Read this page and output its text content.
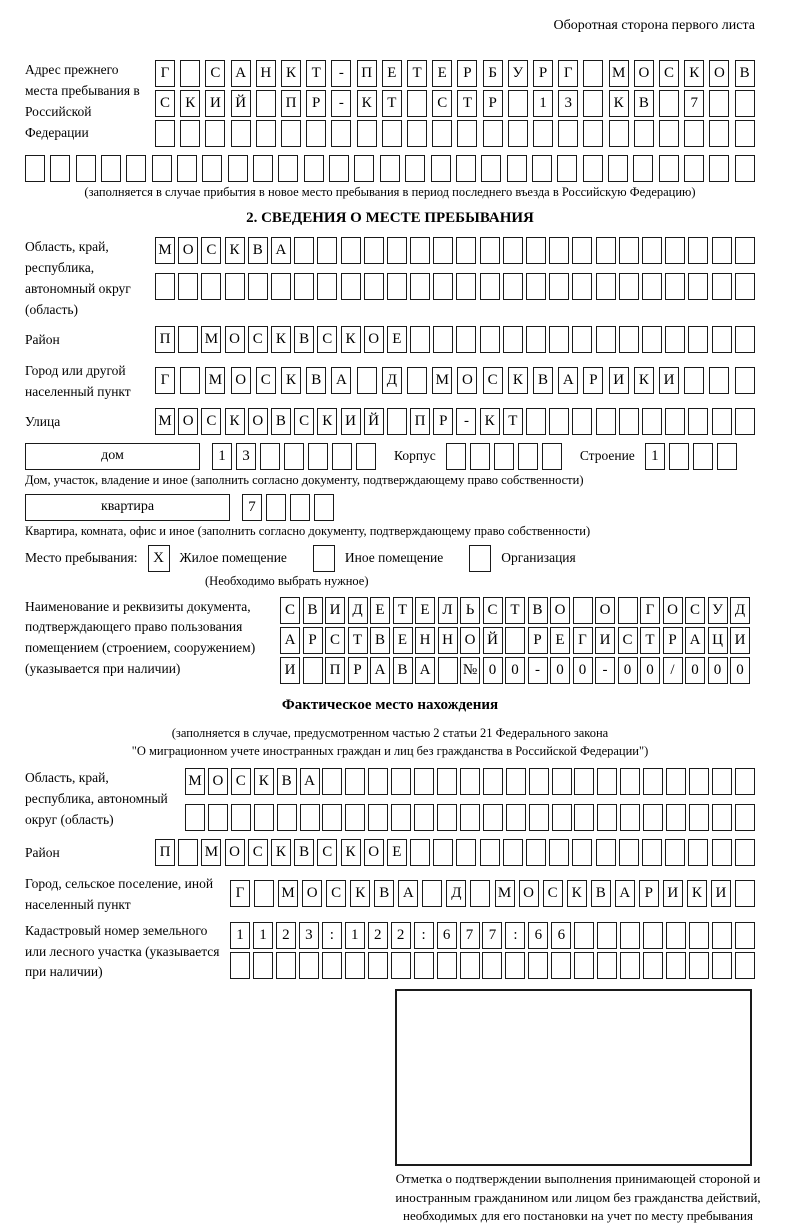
Оборотная сторона первого листа
Адрес прежнего места пребывания в Российской Федерации
Г	С А Н К	Т	-	П	Е	Т	Е	Р	Б	У	Р	Г	М О С	К О В
С	К И Й	П	Р	-	К	Т	С	Т	Р	1	3	К	В	7
(заполняется в случае прибытия в новое место пребывания в период последнего въезда в Российскую Федерацию)
2. СВЕДЕНИЯ О МЕСТЕ ПРЕБЫВАНИЯ
Область, край, республика, автономный округ (область)
М О С К В А
Район	П	М О С К В С К О Е
Город или другой населенный пункт
Г	М О С	К	В А	Д	М О С	К	В А	Р	И К И
Улица	М О С К О В С К И Й	П Р	-	К Т
дом	1	3	Корпус	Строение	1
Дом, участок, владение и иное (заполнить согласно документу, подтверждающему право собственности)
квартира	7
Квартира, комната, офис и иное (заполнить согласно документу, подтверждающему право собственности)
Место пребывания:	X	Жилое помещение	Иное помещение	Организация
(Необходимо выбрать нужное)
Наименование и реквизиты документа, подтверждающего право пользования помещением (строением, сооружением) (указывается при наличии)
С В И Д Е Т Е Л Ь С Т В О	О	Г О С У Д
А Р С Т В Е Н Н О Й	Р Е Г И С Т Р А Ц И
И	П Р А В А	№ 0	0	-	0	0	-	0	0	/	0	0	0
Фактическое место нахождения
(заполняется в случае, предусмотренном частью 2 статьи 21 Федерального закона
"О миграционном учете иностранных граждан и лиц без гражданства в Российской Федерации")
Область, край, республика, автономный округ (область)
М О С К В А
Район	П	М О С К В С К О Е
Город, сельское поселение, иной населенный пункт
Г	М О С К В А	Д	М О С К В А Р И К И
Кадастровый номер земельного или лесного участка (указывается при наличии)
1	1	2	3	:	1	2	2	:	6	7	7	:	6	6
Отметка о подтверждении выполнения принимающей стороной и иностранным гражданином или лицом без гражданства действий, необходимых для его постановки на учет по месту пребывания
